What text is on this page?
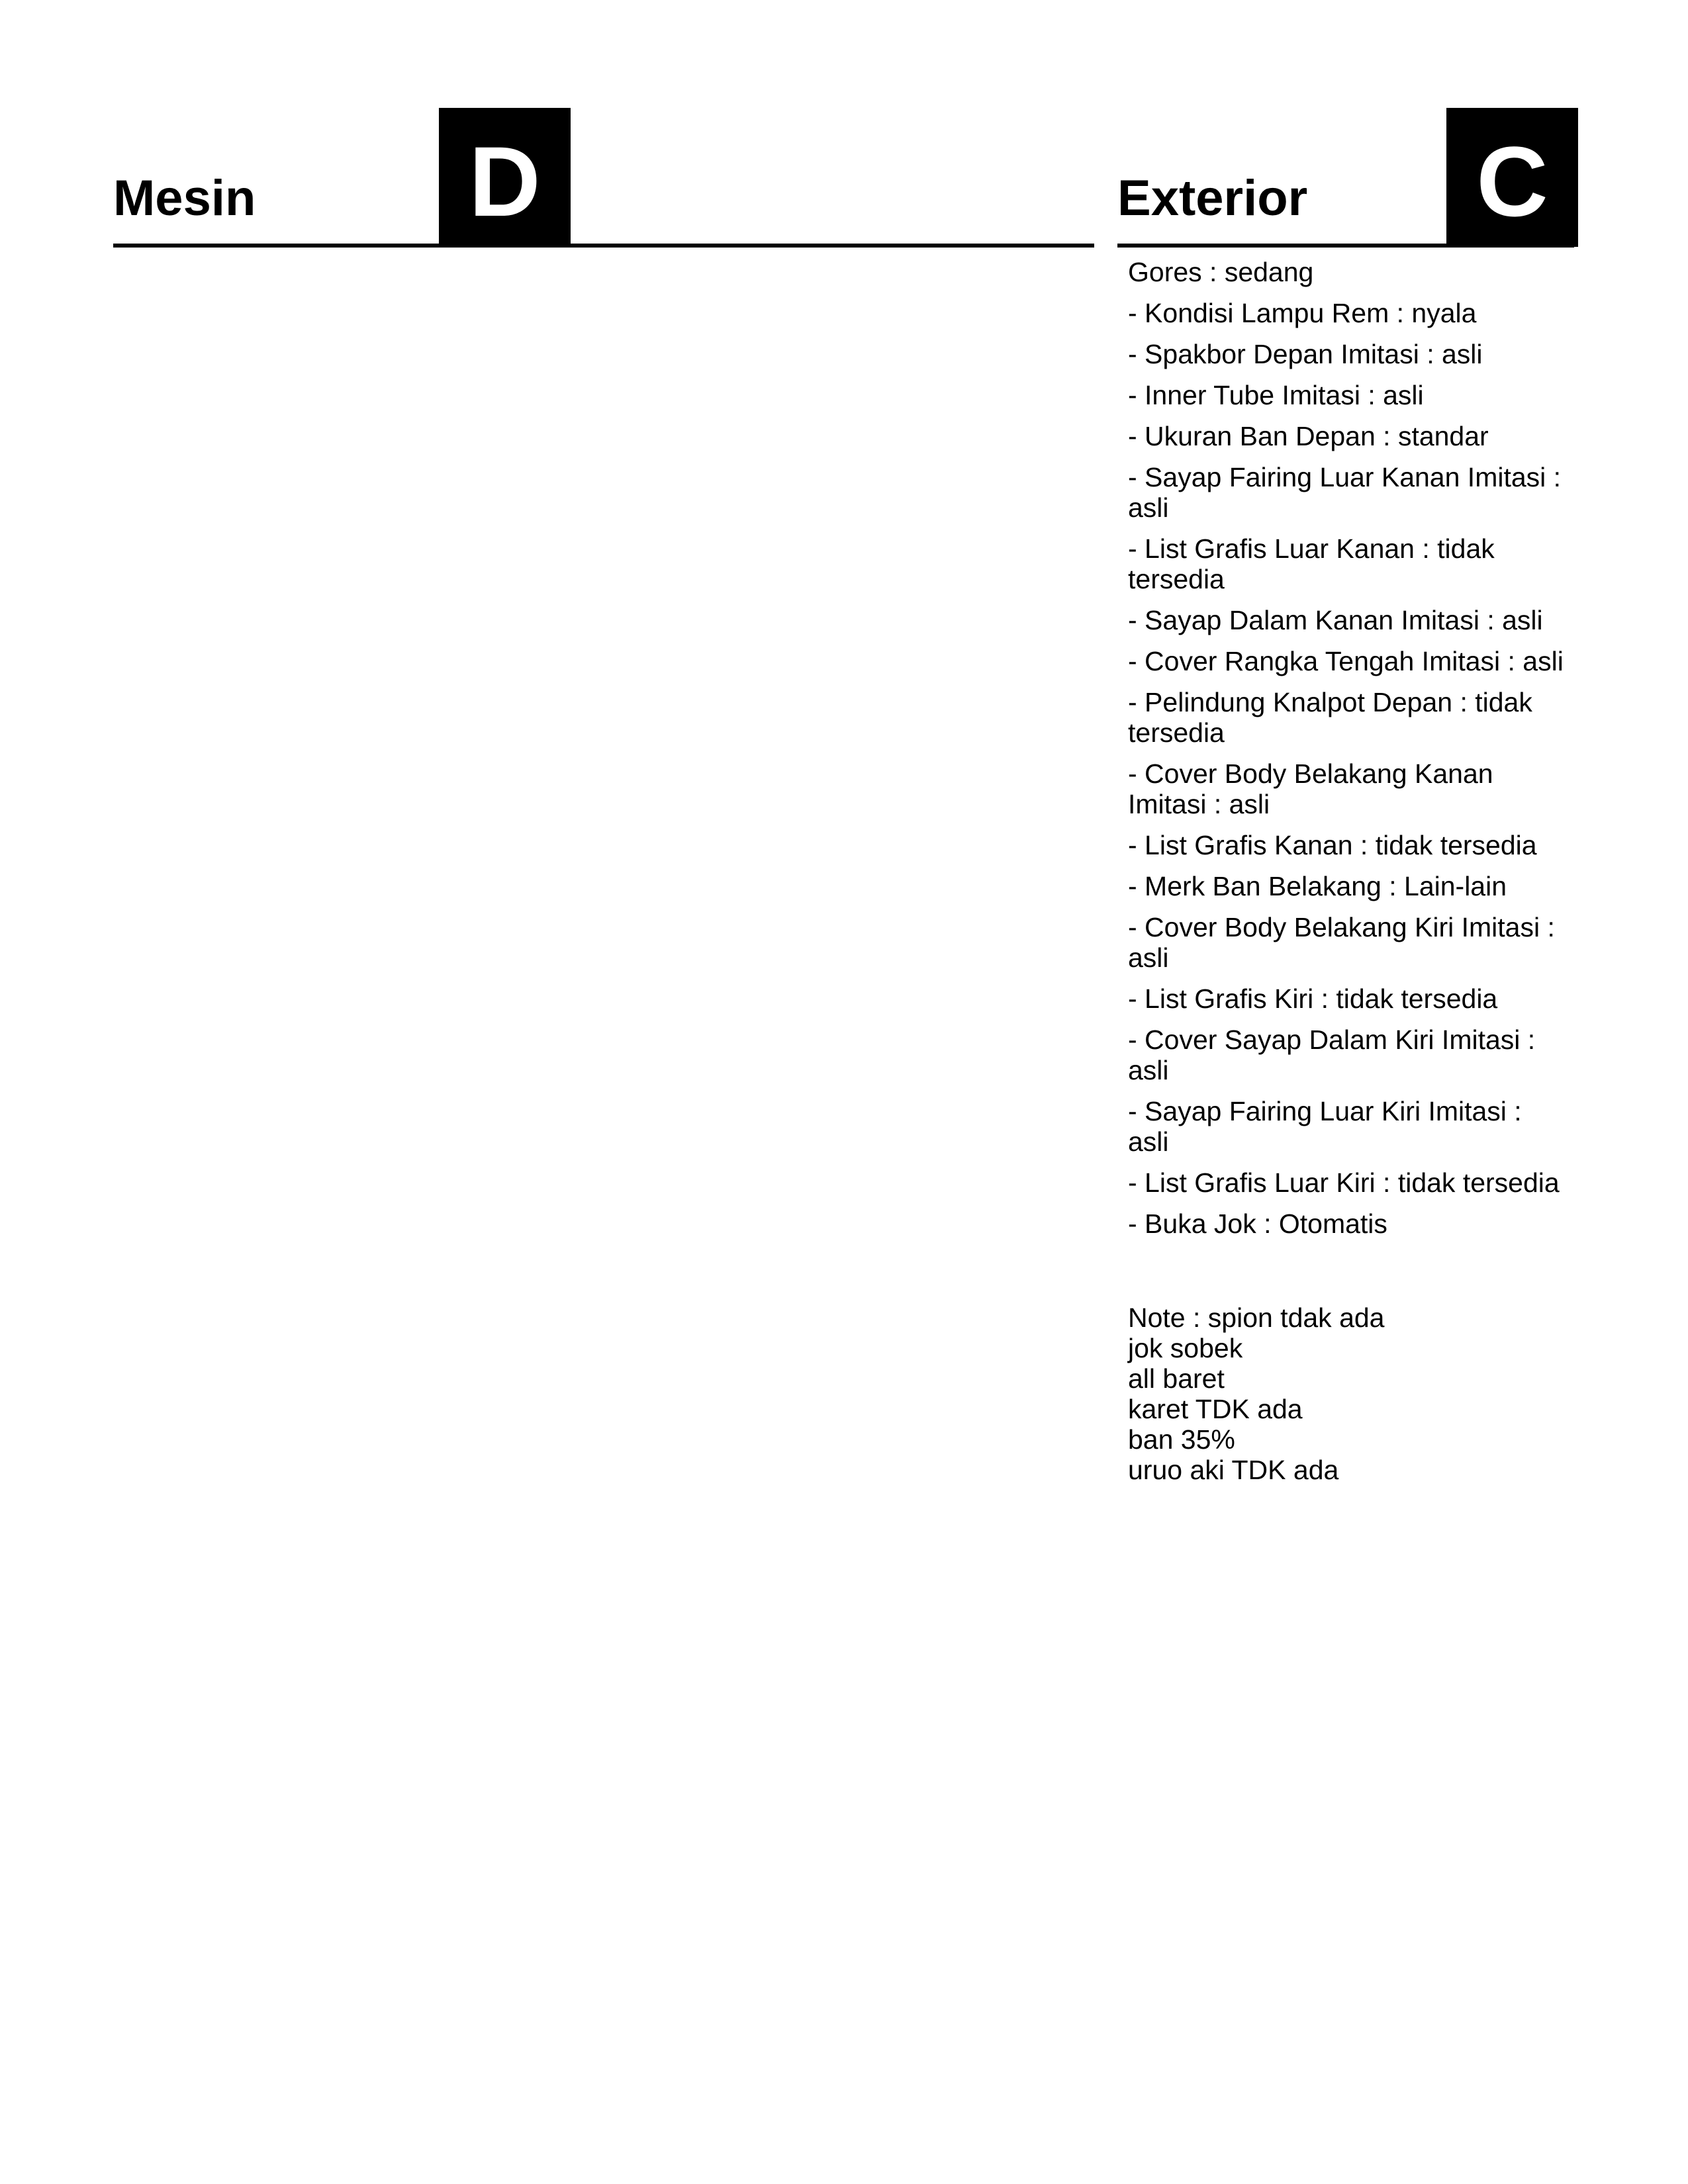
Mesin	D	Exterior	C
Gores : sedang
- Kondisi Lampu Rem : nyala
- Spakbor Depan Imitasi : asli
- Inner Tube Imitasi : asli
- Ukuran Ban Depan : standar
- Sayap Fairing Luar Kanan Imitasi : asli
- List Grafis Luar Kanan : tidak tersedia
- Sayap Dalam Kanan Imitasi : asli
- Cover Rangka Tengah Imitasi : asli
- Pelindung Knalpot Depan : tidak tersedia
- Cover Body Belakang Kanan Imitasi : asli
- List Grafis Kanan : tidak tersedia
- Merk Ban Belakang : Lain-lain
- Cover Body Belakang Kiri Imitasi : asli
- List Grafis Kiri : tidak tersedia
- Cover Sayap Dalam Kiri Imitasi : asli
- Sayap Fairing Luar Kiri Imitasi : asli
- List Grafis Luar Kiri : tidak tersedia
- Buka Jok : Otomatis

Note : spion tdak ada
jok sobek
all baret
karet TDK ada
ban 35%
uruo aki TDK ada
